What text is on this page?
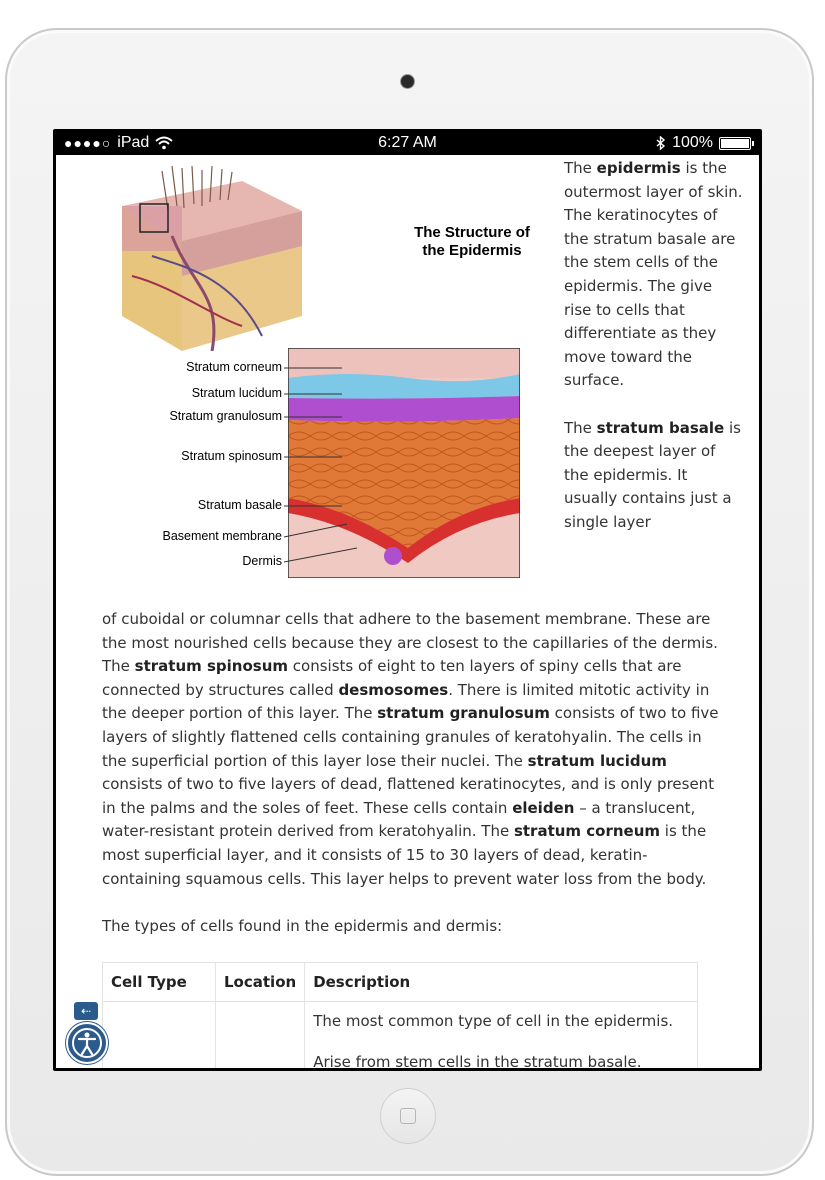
●●●●○ iPad	6:27 AM	100%
The Structure of
the Epidermis
Stratum corneum
Stratum lucidum
Stratum granulosum
Stratum spinosum
Stratum basale
Basement membrane
Dermis

The epidermis is the outermost layer of skin. The keratinocytes of the stratum basale are the stem cells of the epidermis. The give rise to cells that differentiate as they move toward the surface.

The stratum basale is the deepest layer of the epidermis. It usually contains just a single layer

of cuboidal or columnar cells that adhere to the basement membrane. These are the most nourished cells because they are closest to the capillaries of the dermis. The stratum spinosum consists of eight to ten layers of spiny cells that are connected by structures called desmosomes. There is limited mitotic activity in the deeper portion of this layer. The stratum granulosum consists of two to five layers of slightly flattened cells containing granules of keratohyalin. The cells in the superficial portion of this layer lose their nuclei. The stratum lucidum consists of two to five layers of dead, flattened keratinocytes, and is only present in the palms and the soles of feet. These cells contain eleiden – a translucent, water-resistant protein derived from keratohyalin. The stratum corneum is the most superficial layer, and it consists of 15 to 30 layers of dead, keratin-containing squamous cells. This layer helps to prevent water loss from the body.

The types of cells found in the epidermis and dermis:

Cell Type	Location	Description

		The most common type of cell in the epidermis.
Arise from stem cells in the stratum basale.
⇠
